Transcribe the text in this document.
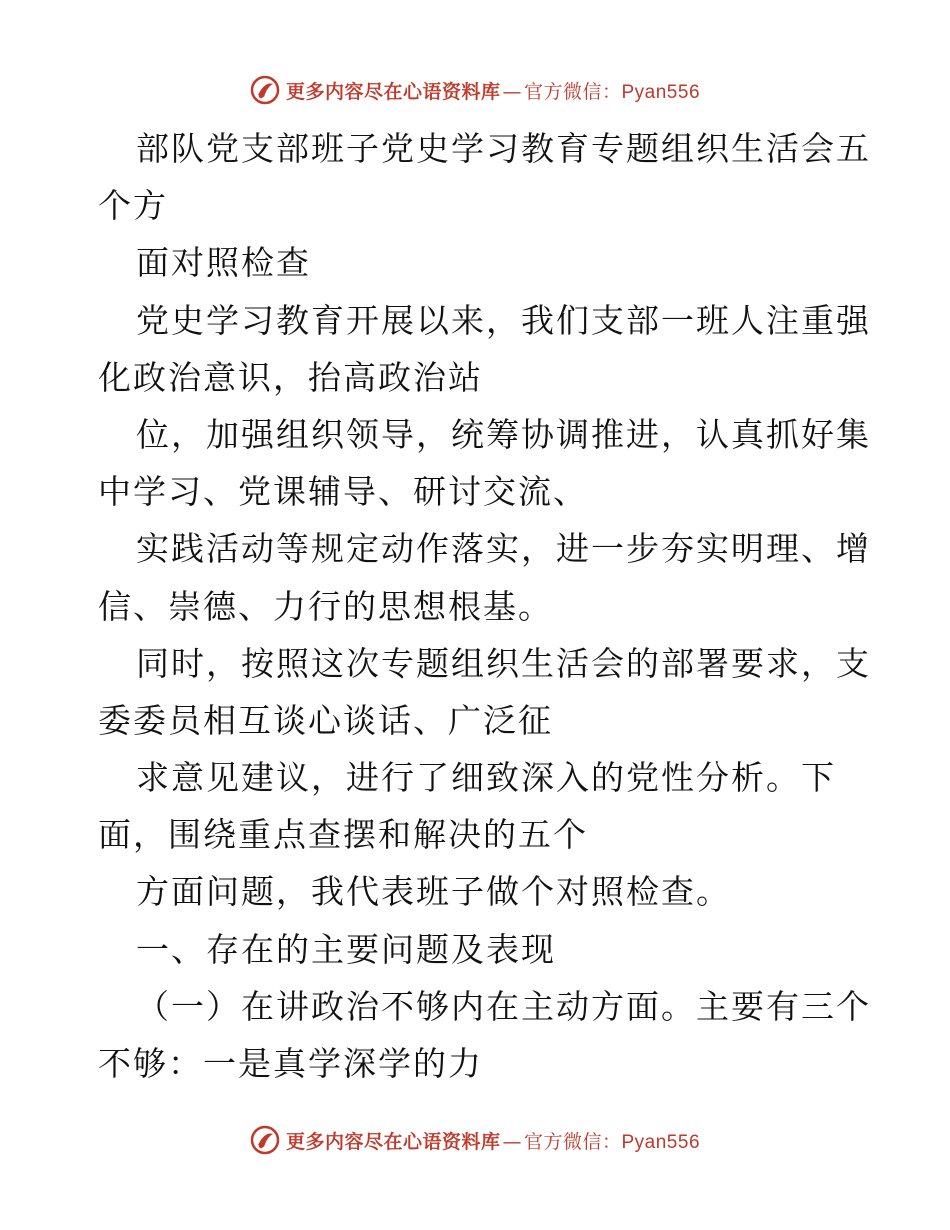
更多内容尽在心语资料库 — 官方微信： Pyan556
部队党支部班子党史学习教育专题组织生活会五
个方
面对照检查
党史学习教育开展以来，我们支部一班人注重强
化政治意识，抬高政治站
位，加强组织领导，统筹协调推进，认真抓好集
中学习、党课辅导、研讨交流、
实践活动等规定动作落实，进一步夯实明理、增
信、崇德、力行的思想根基。
同时，按照这次专题组织生活会的部署要求，支
委委员相互谈心谈话、广泛征
求意见建议，进行了细致深入的党性分析。下
面，围绕重点查摆和解决的五个
方面问题，我代表班子做个对照检查。
一、存在的主要问题及表现
（一）在讲政治不够内在主动方面。主要有三个
不够：一是真学深学的力
更多内容尽在心语资料库 — 官方微信： Pyan556
